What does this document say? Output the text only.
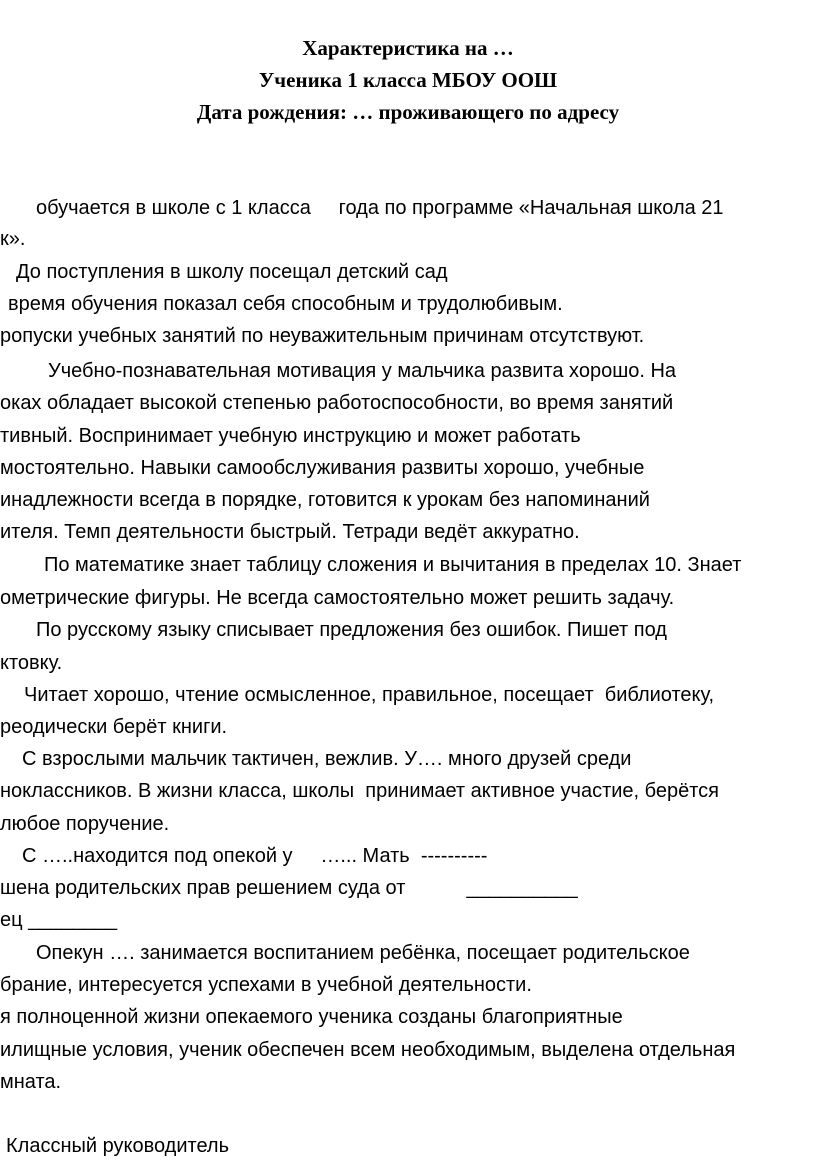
Характеристика на …
Ученика 1 класса МБОУ ООШ
Дата рождения: … проживающего по адресу
обучается в школе с 1 класса     года по программе «Начальная школа 21
к».
До поступления в школу посещал детский сад
время обучения показал себя способным и трудолюбивым.
ропуски учебных занятий по неуважительным причинам отсутствуют.
Учебно-познавательная мотивация у мальчика развита хорошо. На
оках обладает высокой степенью работоспособности, во время занятий
тивный. Воспринимает учебную инструкцию и может работать
мостоятельно. Навыки самообслуживания развиты хорошо, учебные
инадлежности всегда в порядке, готовится к урокам без напоминаний
ителя. Темп деятельности быстрый. Тетради ведёт аккуратно.
По математике знает таблицу сложения и вычитания в пределах 10. Знает
ометрические фигуры. Не всегда самостоятельно может решить задачу.
По русскому языку списывает предложения без ошибок. Пишет под
ктовку.
Читает хорошо, чтение осмысленное, правильное, посещает  библиотеку,
реодически берёт книги.
С взрослыми мальчик тактичен, вежлив. У…. много друзей среди
ноклассников. В жизни класса, школы  принимает активное участие, берётся
любое поручение.
С …..находится под опекой у     …... Мать  ----------
шена родительских прав решением суда от           __________
ец ________
Опекун …. занимается воспитанием ребёнка, посещает родительское
брание, интересуется успехами в учебной деятельности.
я полноценной жизни опекаемого ученика созданы благоприятные
илищные условия, ученик обеспечен всем необходимым, выделена отдельная
мната.
Классный руководитель
